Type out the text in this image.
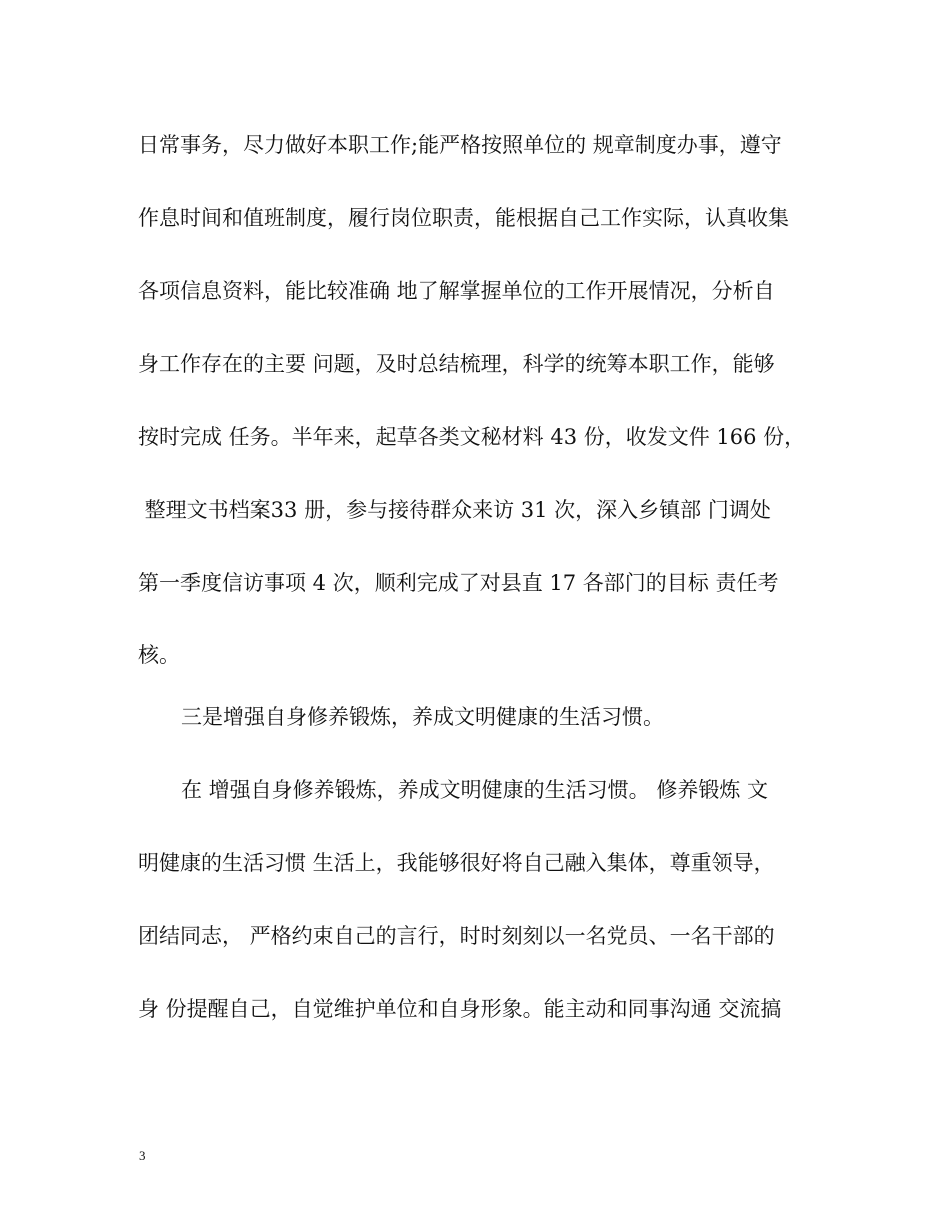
日常事务，尽力做好本职工作;能严格按照单位的 规章制度办事，遵守
作息时间和值班制度，履行岗位职责，能根据自己工作实际，认真收集
各项信息资料，能比较准确 地了解掌握单位的工作开展情况，分析自
身工作存在的主要 问题，及时总结梳理，科学的统筹本职工作，能够
按时完成 任务。半年来，起草各类文秘材料 43 份，收发文件 166 份，
整理文书档案33 册，参与接待群众来访 31 次，深入乡镇部 门调处
第一季度信访事项 4 次，顺利完成了对县直 17 各部门的目标 责任考
核。
三是增强自身修养锻炼，养成文明健康的生活习惯。
在 增强自身修养锻炼，养成文明健康的生活习惯。 修养锻炼 文
明健康的生活习惯 生活上，我能够很好将自己融入集体，尊重领导，
团结同志， 严格约束自己的言行，时时刻刻以一名党员、一名干部的
身 份提醒自己，自觉维护单位和自身形象。能主动和同事沟通 交流搞
3
